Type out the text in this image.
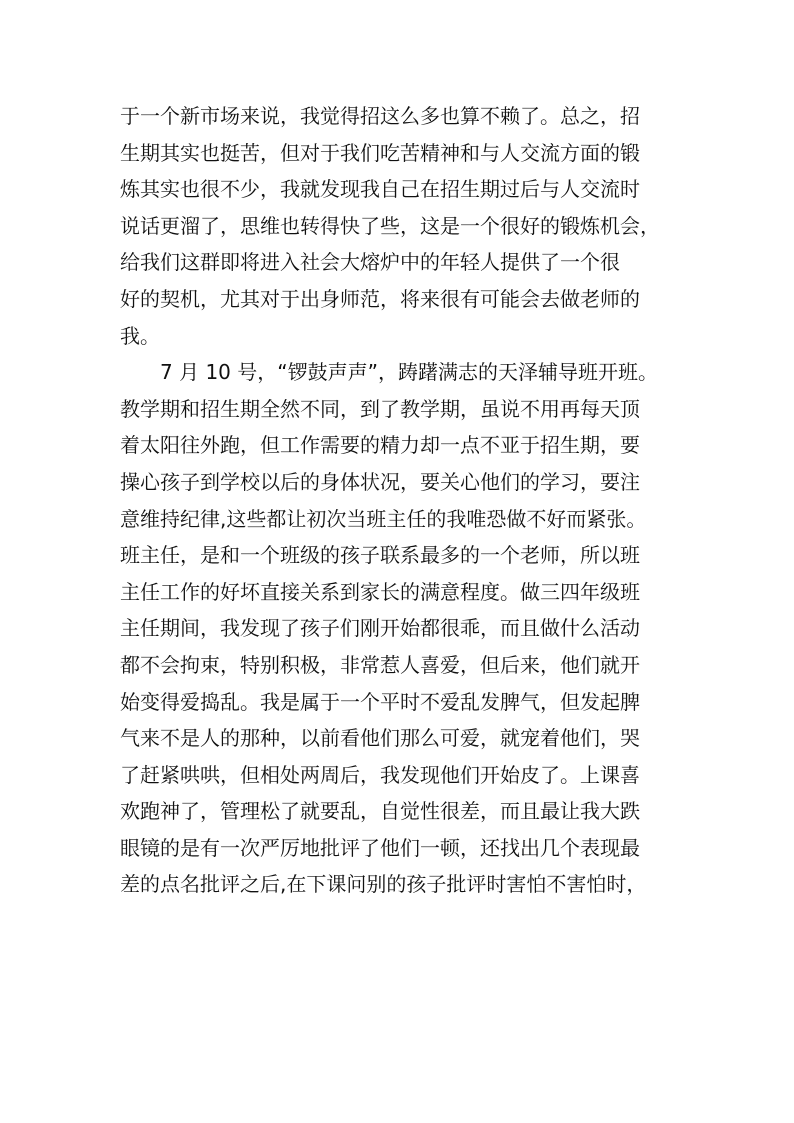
于一个新市场来说，我觉得招这么多也算不赖了。总之，招
生期其实也挺苦，但对于我们吃苦精神和与人交流方面的锻
炼其实也很不少，我就发现我自己在招生期过后与人交流时
说话更溜了，思维也转得快了些，这是一个很好的锻炼机会，
给我们这群即将进入社会大熔炉中的年轻人提供了一个很
好的契机，尤其对于出身师范，将来很有可能会去做老师的
我。
7 月 10 号，“锣鼓声声”，踌躇满志的天泽辅导班开班。
教学期和招生期全然不同，到了教学期，虽说不用再每天顶
着太阳往外跑，但工作需要的精力却一点不亚于招生期，要
操心孩子到学校以后的身体状况，要关心他们的学习，要注
意维持纪律,这些都让初次当班主任的我唯恐做不好而紧张。
班主任，是和一个班级的孩子联系最多的一个老师，所以班
主任工作的好坏直接关系到家长的满意程度。做三四年级班
主任期间，我发现了孩子们刚开始都很乖，而且做什么活动
都不会拘束，特别积极，非常惹人喜爱，但后来，他们就开
始变得爱捣乱。我是属于一个平时不爱乱发脾气，但发起脾
气来不是人的那种，以前看他们那么可爱，就宠着他们，哭
了赶紧哄哄，但相处两周后，我发现他们开始皮了。上课喜
欢跑神了，管理松了就要乱，自觉性很差，而且最让我大跌
眼镜的是有一次严厉地批评了他们一顿，还找出几个表现最
差的点名批评之后,在下课问别的孩子批评时害怕不害怕时，
